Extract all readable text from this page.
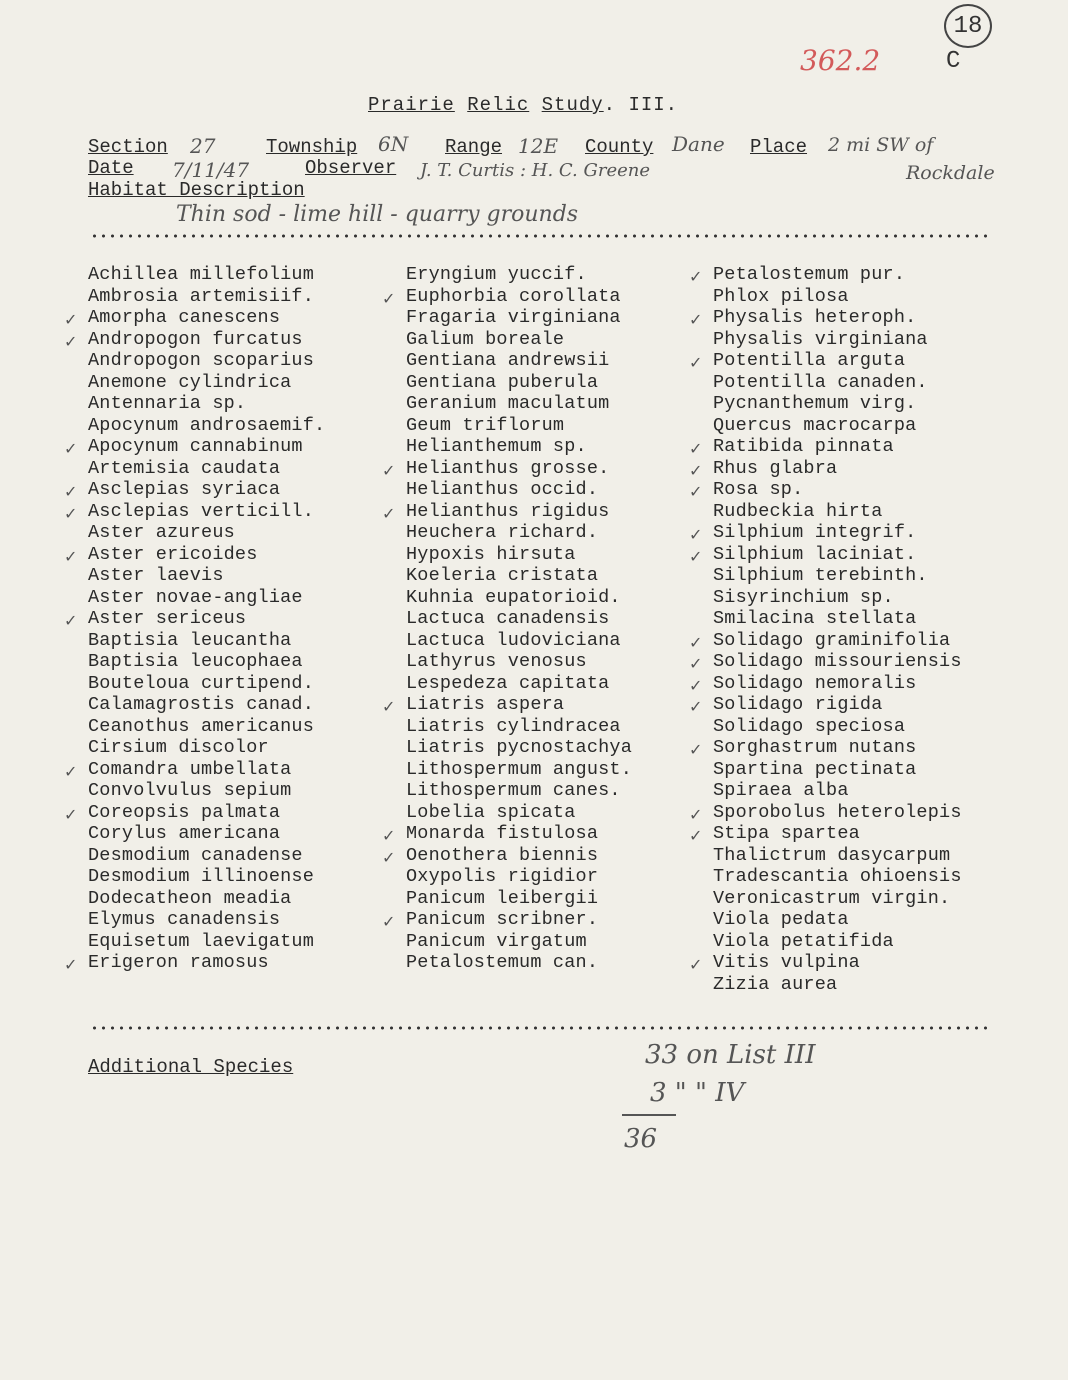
18
362.2	C
Prairie Relic Study. III.
Section 27	Township 6N Range 12E County Dane Place 2 mi SW of
Rockdale
Date 7/11/47	Observer J. T. Curtis : H. C. Greene
Habitat Description
Thin sod - lime hill - quarry grounds
Achillea millefolium
Ambrosia artemisiif.
✓ Amorpha canescens
✓ Andropogon furcatus
Andropogon scoparius
Anemone cylindrica
Antennaria sp.
Apocynum androsaemif.
✓ Apocynum cannabinum
Artemisia caudata
✓ Asclepias syriaca
✓ Asclepias verticill.
Aster azureus
✓ Aster ericoides
Aster laevis
Aster novae-angliae
✓ Aster sericeus
Baptisia leucantha
Baptisia leucophaea
Bouteloua curtipend.
Calamagrostis canad.
Ceanothus americanus
Cirsium discolor
✓ Comandra umbellata
Convolvulus sepium
✓ Coreopsis palmata
Corylus americana
Desmodium canadense
Desmodium illinoense
Dodecatheon meadia
Elymus canadensis
Equisetum laevigatum
✓ Erigeron ramosus
Eryngium yuccif.
✓ Euphorbia corollata
Fragaria virginiana
Galium boreale
Gentiana andrewsii
Gentiana puberula
Geranium maculatum
Geum triflorum
Helianthemum sp.
✓ Helianthus grosse.
Helianthus occid.
✓ Helianthus rigidus
Heuchera richard.
Hypoxis hirsuta
Koeleria cristata
Kuhnia eupatorioid.
Lactuca canadensis
Lactuca ludoviciana
Lathyrus venosus
Lespedeza capitata
✓ Liatris aspera
Liatris cylindracea
Liatris pycnostachya
Lithospermum angust.
Lithospermum canes.
Lobelia spicata
✓ Monarda fistulosa
✓ Oenothera biennis
Oxypolis rigidior
Panicum leibergii
✓ Panicum scribner.
Panicum virgatum
Petalostemum can.
✓ Petalostemum pur.
Phlox pilosa
✓ Physalis heteroph.
Physalis virginiana
✓ Potentilla arguta
Potentilla canaden.
Pycnanthemum virg.
Quercus macrocarpa
✓ Ratibida pinnata
✓ Rhus glabra
✓ Rosa sp.
Rudbeckia hirta
✓ Silphium integrif.
✓ Silphium laciniat.
Silphium terebinth.
Sisyrinchium sp.
Smilacina stellata
✓ Solidago graminifolia
✓ Solidago missouriensis
✓ Solidago nemoralis
✓ Solidago rigida
Solidago speciosa
✓ Sorghastrum nutans
Spartina pectinata
Spiraea alba
✓ Sporobolus heterolepis
✓ Stipa spartea
Thalictrum dasycarpum
Tradescantia ohioensis
Veronicastrum virgin.
Viola pedata
Viola petatifida
✓ Vitis vulpina
Zizia aurea
Additional Species	33 on List III
3 " " IV
36
